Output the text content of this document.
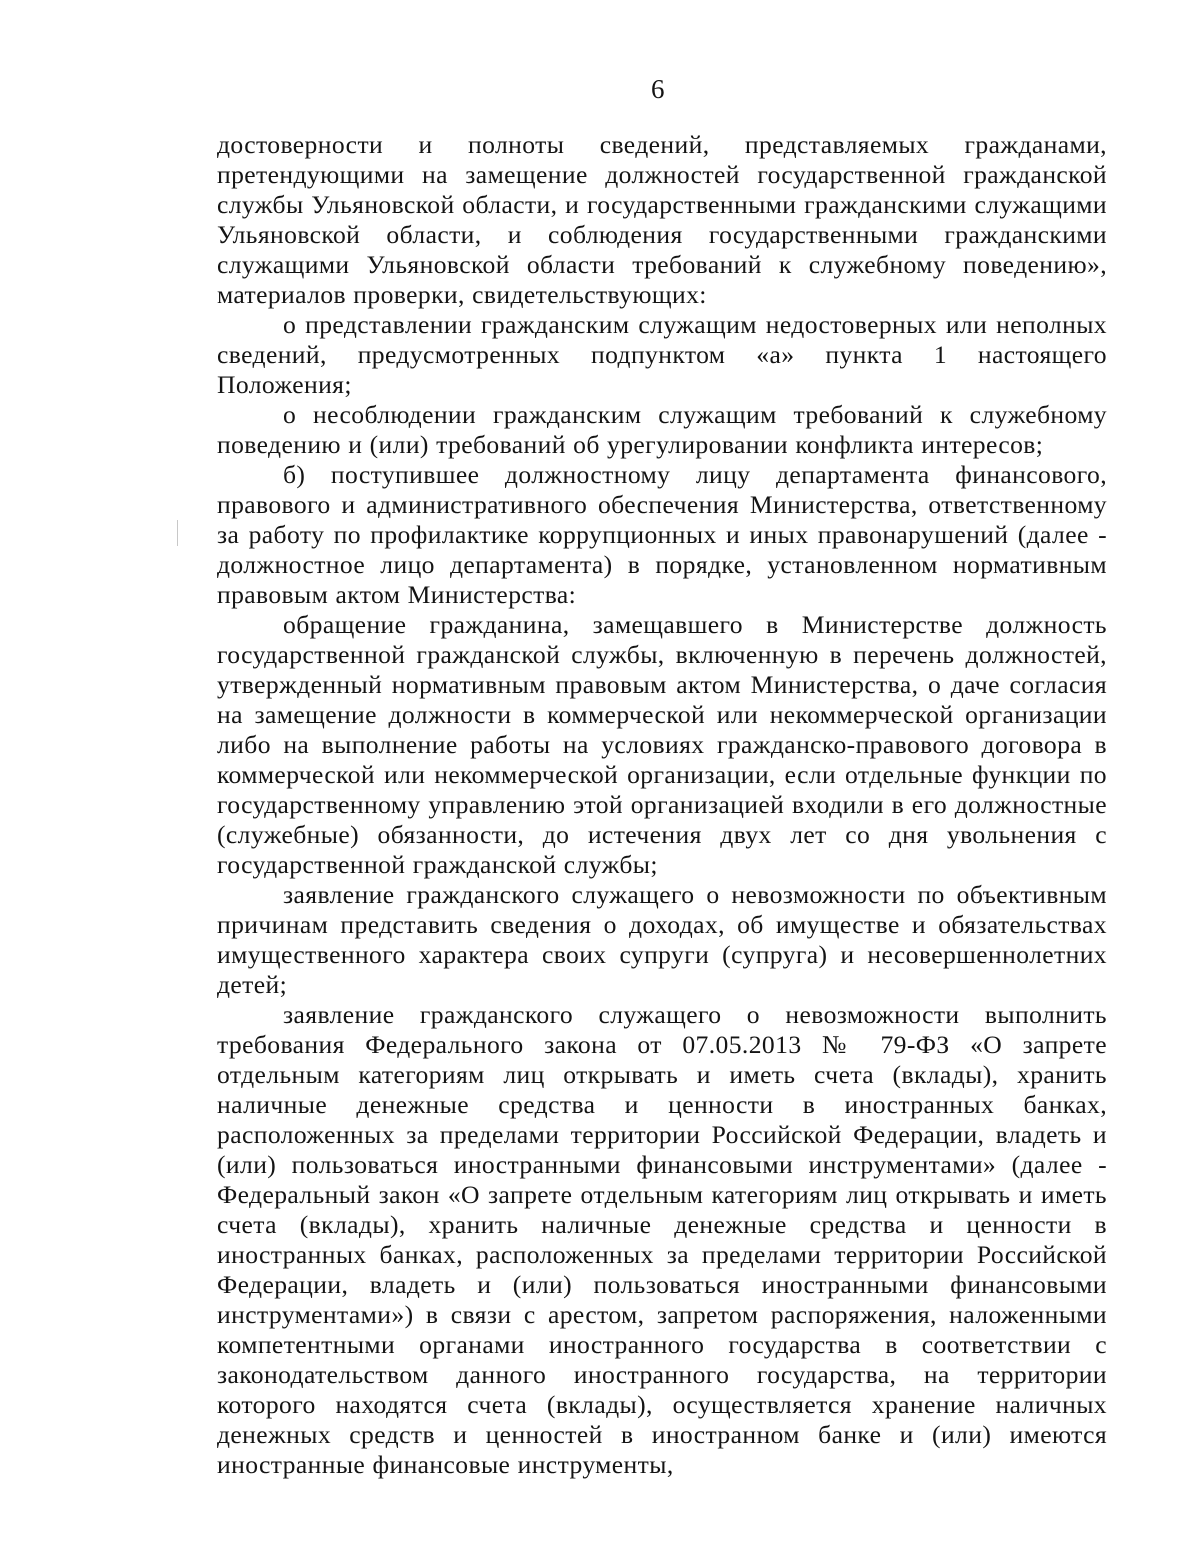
6

достоверности и полноты сведений, представляемых гражданами, претендующими на замещение должностей государственной гражданской службы Ульяновской области, и государственными гражданскими служащими Ульяновской области, и соблюдения государственными гражданскими служащими Ульяновской области требований к служебному поведению», материалов проверки, свидетельствующих:

о представлении гражданским служащим недостоверных или неполных сведений, предусмотренных подпунктом «а» пункта 1 настоящего Положения;

о несоблюдении гражданским служащим требований к служебному поведению и (или) требований об урегулировании конфликта интересов;

б) поступившее должностному лицу департамента финансового, правового и административного обеспечения Министерства, ответственному за работу по профилактике коррупционных и иных правонарушений (далее - должностное лицо департамента) в порядке, установленном нормативным правовым актом Министерства:

обращение гражданина, замещавшего в Министерстве должность государственной гражданской службы, включенную в перечень должностей, утвержденный нормативным правовым актом Министерства, о даче согласия на замещение должности в коммерческой или некоммерческой организации либо на выполнение работы на условиях гражданско-правового договора в коммерческой или некоммерческой организации, если отдельные функции по государственному управлению этой организацией входили в его должностные (служебные) обязанности, до истечения двух лет со дня увольнения с государственной гражданской службы;

заявление гражданского служащего о невозможности по объективным причинам представить сведения о доходах, об имуществе и обязательствах имущественного характера своих супруги (супруга) и несовершеннолетних детей;

заявление гражданского служащего о невозможности выполнить требования Федерального закона от 07.05.2013 № 79-ФЗ «О запрете отдельным категориям лиц открывать и иметь счета (вклады), хранить наличные денежные средства и ценности в иностранных банках, расположенных за пределами территории Российской Федерации, владеть и (или) пользоваться иностранными финансовыми инструментами» (далее - Федеральный закон «О запрете отдельным категориям лиц открывать и иметь счета (вклады), хранить наличные денежные средства и ценности в иностранных банках, расположенных за пределами территории Российской Федерации, владеть и (или) пользоваться иностранными финансовыми инструментами») в связи с арестом, запретом распоряжения, наложенными компетентными органами иностранного государства в соответствии с законодательством данного иностранного государства, на территории которого находятся счета (вклады), осуществляется хранение наличных денежных средств и ценностей в иностранном банке и (или) имеются иностранные финансовые инструменты,
